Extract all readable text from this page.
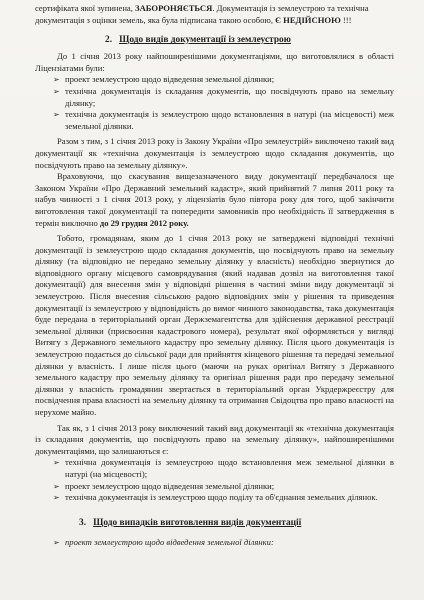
сертифіката якої зупинена, ЗАБОРОНЯЄТЬСЯ. Документація із землеустрою та технічна

документація з оцінки земель, яка була підписана такою особою, Є НЕДІЙСНОЮ !!!

2. Щодо видів документації із землеустрою

До 1 січня 2013 року найпоширенішими документаціями, що виготовлялися в області Ліцензіатами були:

➢ проект землеустрою щодо відведення земельної ділянки;
➢ технічна документація із складання документів, що посвідчують право на земельну ділянку;
➢ технічна документація із землеустрою щодо встановлення в натурі (на місцевості) меж земельної ділянки.

Разом з тим, з 1 січня 2013 року із Закону України «Про землеустрій» виключено такий вид документації як «технічна документація із землеустрою щодо складання документів, що посвідчують право на земельну ділянку».

Враховуючи, що скасування вищезазначеного виду документації передбачалося ще Законом України «Про Державний земельний кадастр», який прийнятий 7 липня 2011 року та набув чинності з 1 січня 2013 року, у ліцензіатів було півтора року для того, щоб закінчити виготовлення такої документації та попередити замовників про необхідність її затвердження в термін виключно до 29 грудня 2012 року.

Тобото, громадянам, яким до 1 січня 2013 року не затверджені відповідні технічні документації із землеустрою щодо складання документів, що посвідчують право на земельну ділянку (та відповідно не передано земельну ділянку у власність) необхідно звернутися до відповідного органу місцевого самоврядування (який надавав дозвіл на виготовлення такої документації) для внесення змін у відповідні рішення в частині зміни виду документації зі землеустрою. Після внесення сільською радою відповідних змін у рішення та приведення документації із землеустрою у відповідність до вимог чинного законодавства, така документація буде передана в територіальний орган Держземагентства для здійснення державної реєстрації земельної ділянки (присвоєння кадастрового номера), результат якої оформляється у вигляді Витягу з Державного земельного кадастру про земельну ділянку. Після цього документація із землеустрою подається до сільської ради для прийняття кінцевого рішення та передачі земельної ділянки у власність. І лише після цього (маючи на руках оригінал Витягу з Державного земельного кадастру про земельну ділянку та оригінал рішення ради про передачу земельної ділянки у власність громадянин звертається в територіальний орган Укрдержреєстру для посвідчення права власності на земельну ділянку та отримання Свідоцтва про право власності на нерухоме майно.

Так як, з 1 січня 2013 року виключений такий вид документації як «технічна документація із складання документів, що посвідчують право на земельну ділянку», найпоширенішими документаціями, що залишаються є:

➢ технічна документація із землеустрою щодо встановлення меж земельної ділянки в натурі (на місцевості);
➢ проект землеустрою щодо відведення земельної ділянки;
➢ технічна документація із землеустрою щодо поділу та об'єднання земельних ділянок.
3. Щодо випадків виготовлення видів документації
➢ проект землеустрою щодо відведення земельної ділянки:
